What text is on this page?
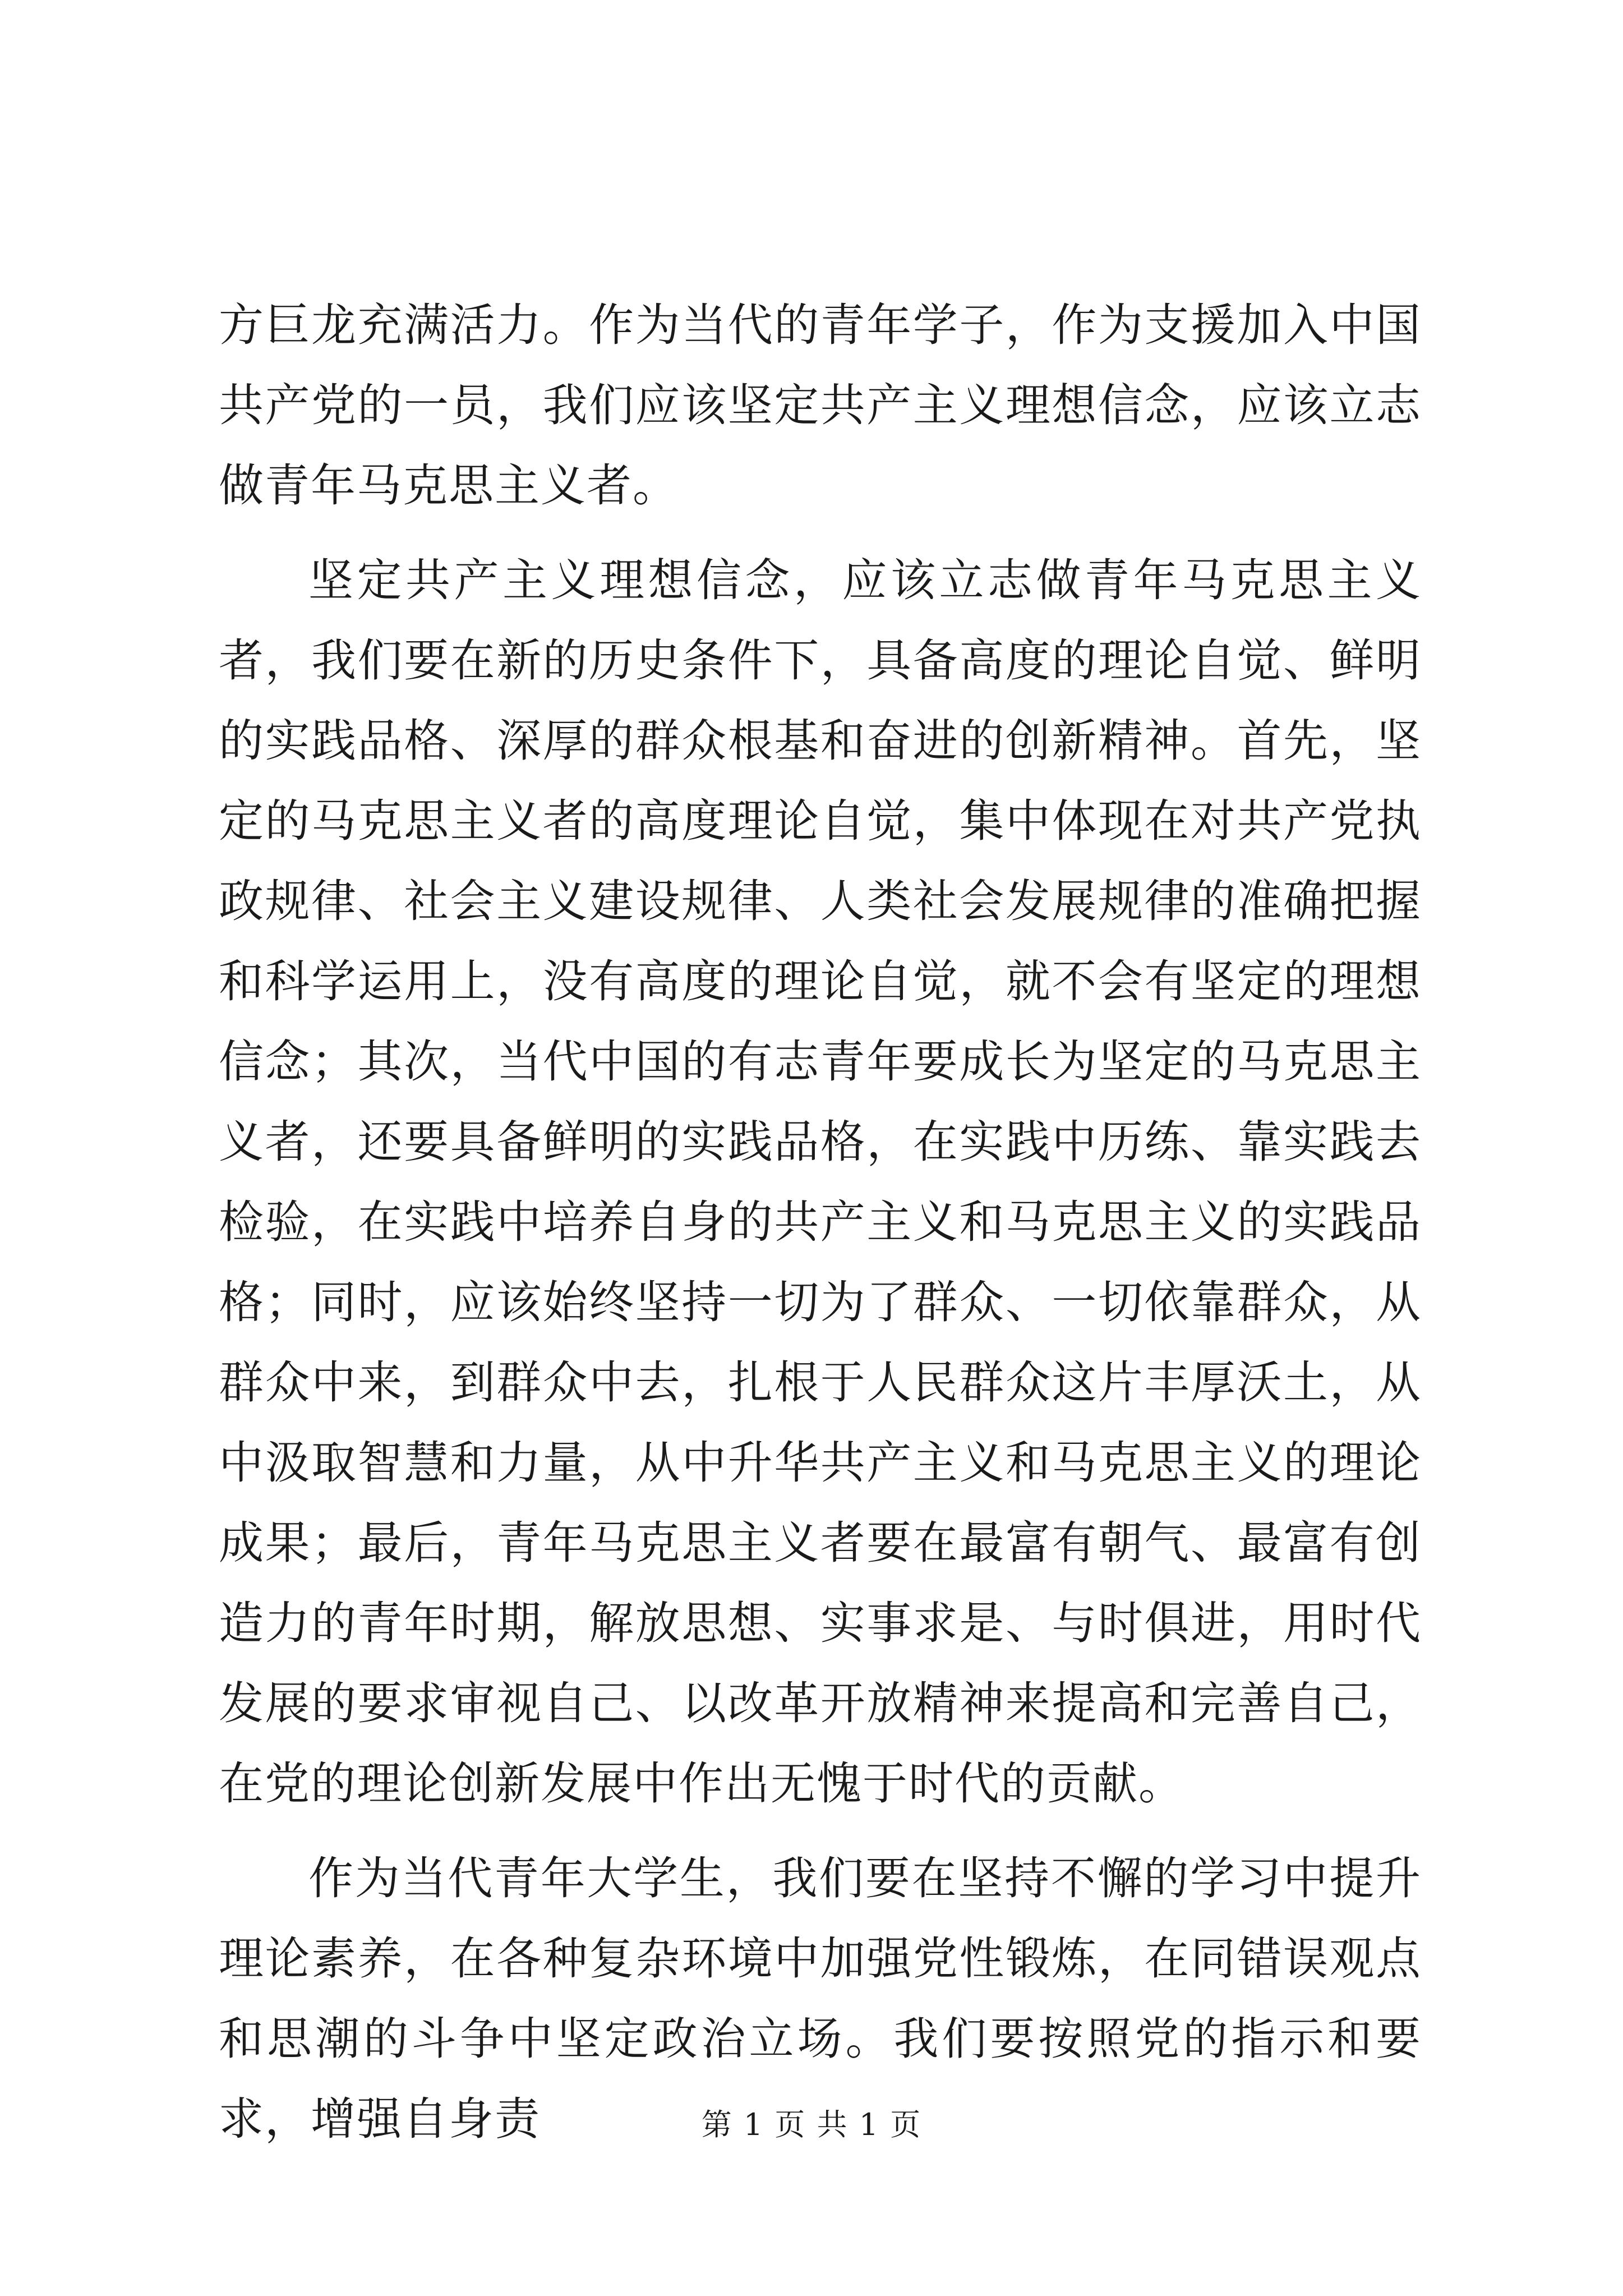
方巨龙充满活力。作为当代的青年学子，作为支援加入中国共产党的一员，我们应该坚定共产主义理想信念，应该立志做青年马克思主义者。

坚定共产主义理想信念，应该立志做青年马克思主义者，我们要在新的历史条件下，具备高度的理论自觉、鲜明的实践品格、深厚的群众根基和奋进的创新精神。首先，坚定的马克思主义者的高度理论自觉，集中体现在对共产党执政规律、社会主义建设规律、人类社会发展规律的准确把握和科学运用上，没有高度的理论自觉，就不会有坚定的理想信念；其次，当代中国的有志青年要成长为坚定的马克思主义者，还要具备鲜明的实践品格，在实践中历练、靠实践去检验，在实践中培养自身的共产主义和马克思主义的实践品格；同时，应该始终坚持一切为了群众、一切依靠群众，从群众中来，到群众中去，扎根于人民群众这片丰厚沃土，从中汲取智慧和力量，从中升华共产主义和马克思主义的理论成果；最后，青年马克思主义者要在最富有朝气、最富有创造力的青年时期，解放思想、实事求是、与时俱进，用时代发展的要求审视自己、以改革开放精神来提高和完善自己，在党的理论创新发展中作出无愧于时代的贡献。

作为当代青年大学生，我们要在坚持不懈的学习中提升理论素养，在各种复杂环境中加强党性锻炼，在同错误观点和思潮的斗争中坚定政治立场。我们要按照党的指示和要求，增强自身责	第 1 页 共 1 页
